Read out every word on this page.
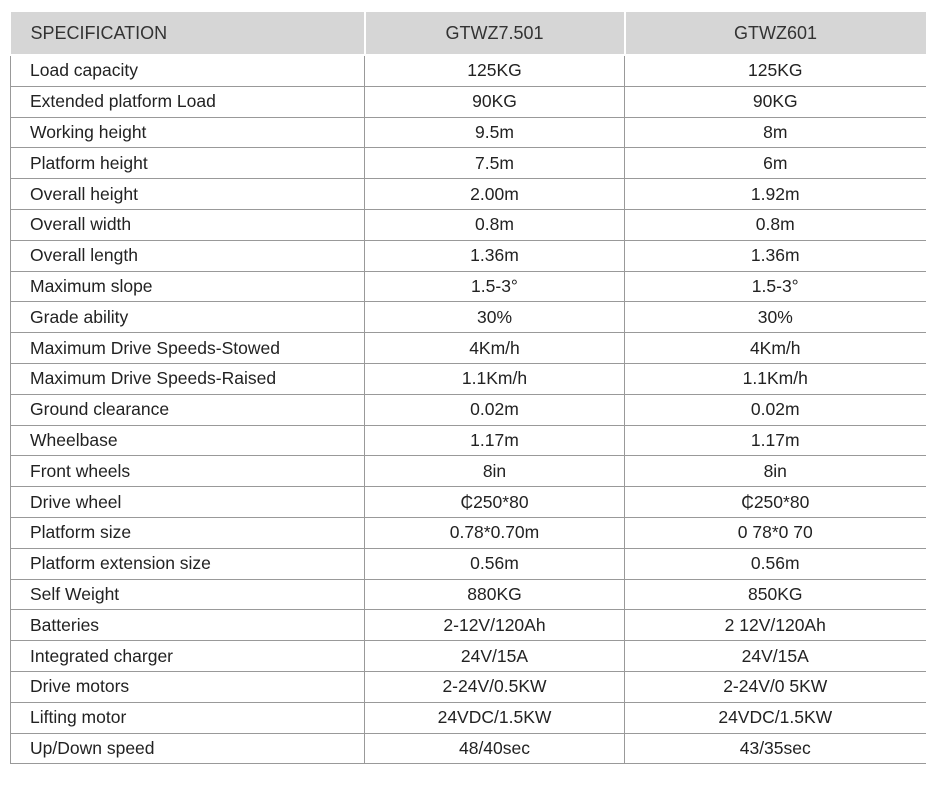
SPECIFICATION	GTWZ7.501	GTWZ601
Load capacity	125KG	125KG
Extended platform Load	90KG	90KG
Working height	9.5m	8m
Platform height	7.5m	6m
Overall height	2.00m	1.92m
Overall width	0.8m	0.8m
Overall length	1.36m	1.36m
Maximum slope	1.5-3°	1.5-3°
Grade ability	30%	30%
Maximum Drive Speeds-Stowed	4Km/h	4Km/h
Maximum Drive Speeds-Raised	1.1Km/h	1.1Km/h
Ground clearance	0.02m	0.02m
Wheelbase	1.17m	1.17m
Front wheels	8in	8in
Drive wheel	₵250*80	₵250*80
Platform size	0.78*0.70m	0 78*0 70
Platform extension size	0.56m	0.56m
Self Weight	880KG	850KG
Batteries	2-12V/120Ah	2 12V/120Ah
Integrated charger	24V/15A	24V/15A
Drive motors	2-24V/0.5KW	2-24V/0 5KW
Lifting motor	24VDC/1.5KW	24VDC/1.5KW
Up/Down speed	48/40sec	43/35sec
